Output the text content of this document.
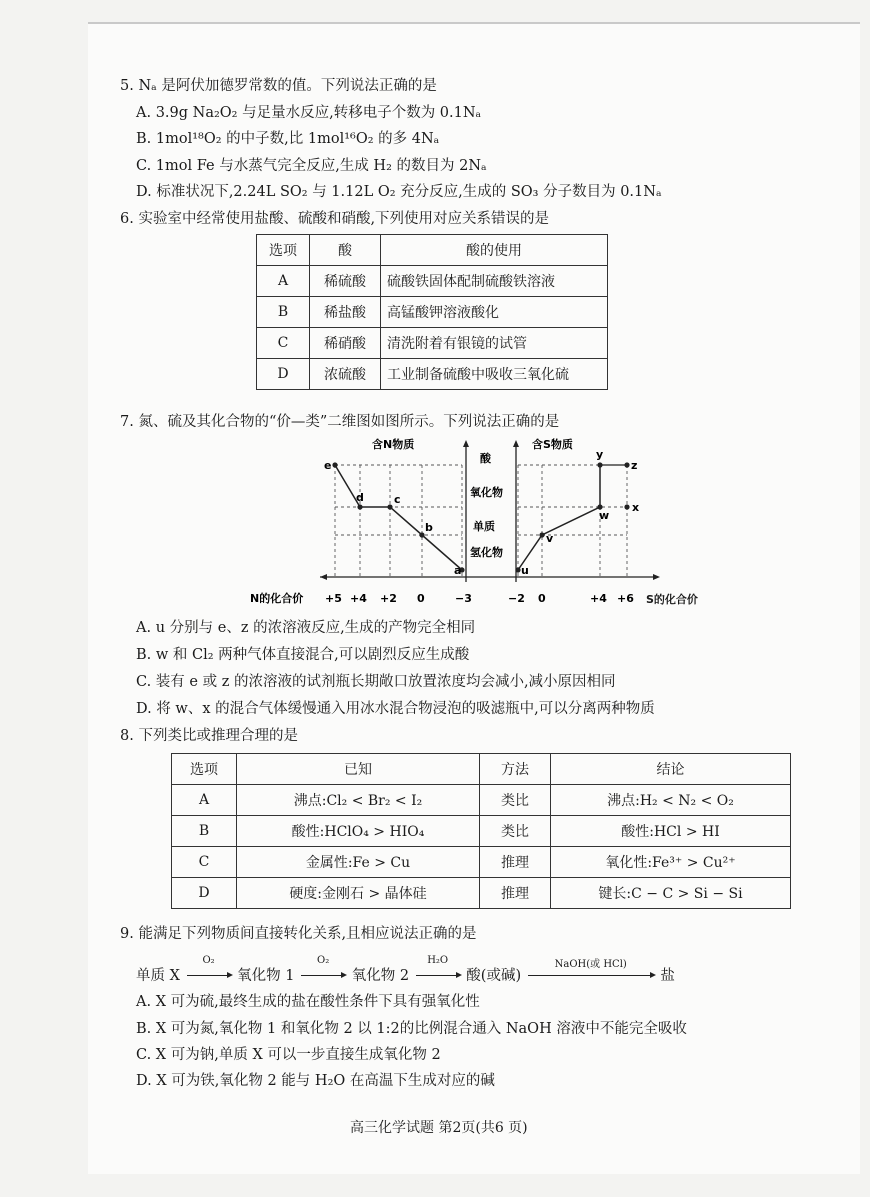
5. Nₐ 是阿伏加德罗常数的值。下列说法正确的是
A. 3.9g Na₂O₂ 与足量水反应,转移电子个数为 0.1Nₐ
B. 1mol¹⁸O₂ 的中子数,比 1mol¹⁶O₂ 的多 4Nₐ
C. 1mol Fe 与水蒸气完全反应,生成 H₂ 的数目为 2Nₐ
D. 标准状况下,2.24L SO₂ 与 1.12L O₂ 充分反应,生成的 SO₃ 分子数目为 0.1Nₐ
6. 实验室中经常使用盐酸、硫酸和硝酸,下列使用对应关系错误的是
选项	酸	酸的使用
A	稀硫酸	硫酸铁固体配制硫酸铁溶液
B	稀盐酸	高锰酸钾溶液酸化
C	稀硝酸	清洗附着有银镜的试管
D	浓硫酸	工业制备硫酸中吸收三氧化硫
7. 氮、硫及其化合物的“价—类”二维图如图所示。下列说法正确的是
含N物质	含S物质
酸
氧化物
单质
氢化物
e
d	c
b
a	u
v
w
y
z
x
N的化合价 +5 +4 +2 0	−3	−2 0	+4 +6 S的化合价
A. u 分别与 e、z 的浓溶液反应,生成的产物完全相同
B. w 和 Cl₂ 两种气体直接混合,可以剧烈反应生成酸
C. 装有 e 或 z 的浓溶液的试剂瓶长期敞口放置浓度均会减小,减小原因相同
D. 将 w、x 的混合气体缓慢通入用冰水混合物浸泡的吸滤瓶中,可以分离两种物质
8. 下列类比或推理合理的是
选项	已知	方法	结论
A	沸点:Cl₂ < Br₂ < I₂	类比	沸点:H₂ < N₂ < O₂
B	酸性:HClO₄ > HIO₄	类比	酸性:HCl > HI
C	金属性:Fe > Cu	推理	氧化性:Fe³⁺ > Cu²⁺
D	硬度:金刚石 > 晶体硅	推理	键长:C − C > Si − Si
9. 能满足下列物质间直接转化关系,且相应说法正确的是
单质 X
O₂
氧化物 1
O₂
氧化物 2
H₂O
酸(或碱)
NaOH(或 HCl)
盐
A. X 可为硫,最终生成的盐在酸性条件下具有强氧化性
B. X 可为氮,氧化物 1 和氧化物 2 以 1:2的比例混合通入 NaOH 溶液中不能完全吸收
C. X 可为钠,单质 X 可以一步直接生成氧化物 2
D. X 可为铁,氧化物 2 能与 H₂O 在高温下生成对应的碱
高三化学试题 第2页(共6 页)
